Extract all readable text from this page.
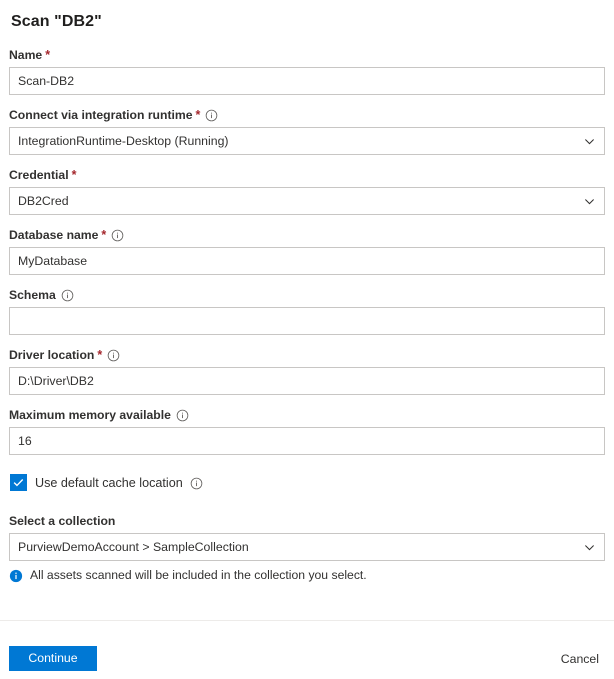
Scan "DB2"
Name *
Scan-DB2
Connect via integration runtime *
IntegrationRuntime-Desktop (Running)
Credential *
DB2Cred
Database name *
MyDatabase
Schema
Driver location *
D:\Driver\DB2
Maximum memory available
16
Use default cache location
Select a collection
PurviewDemoAccount > SampleCollection
All assets scanned will be included in the collection you select.
Continue	Cancel
